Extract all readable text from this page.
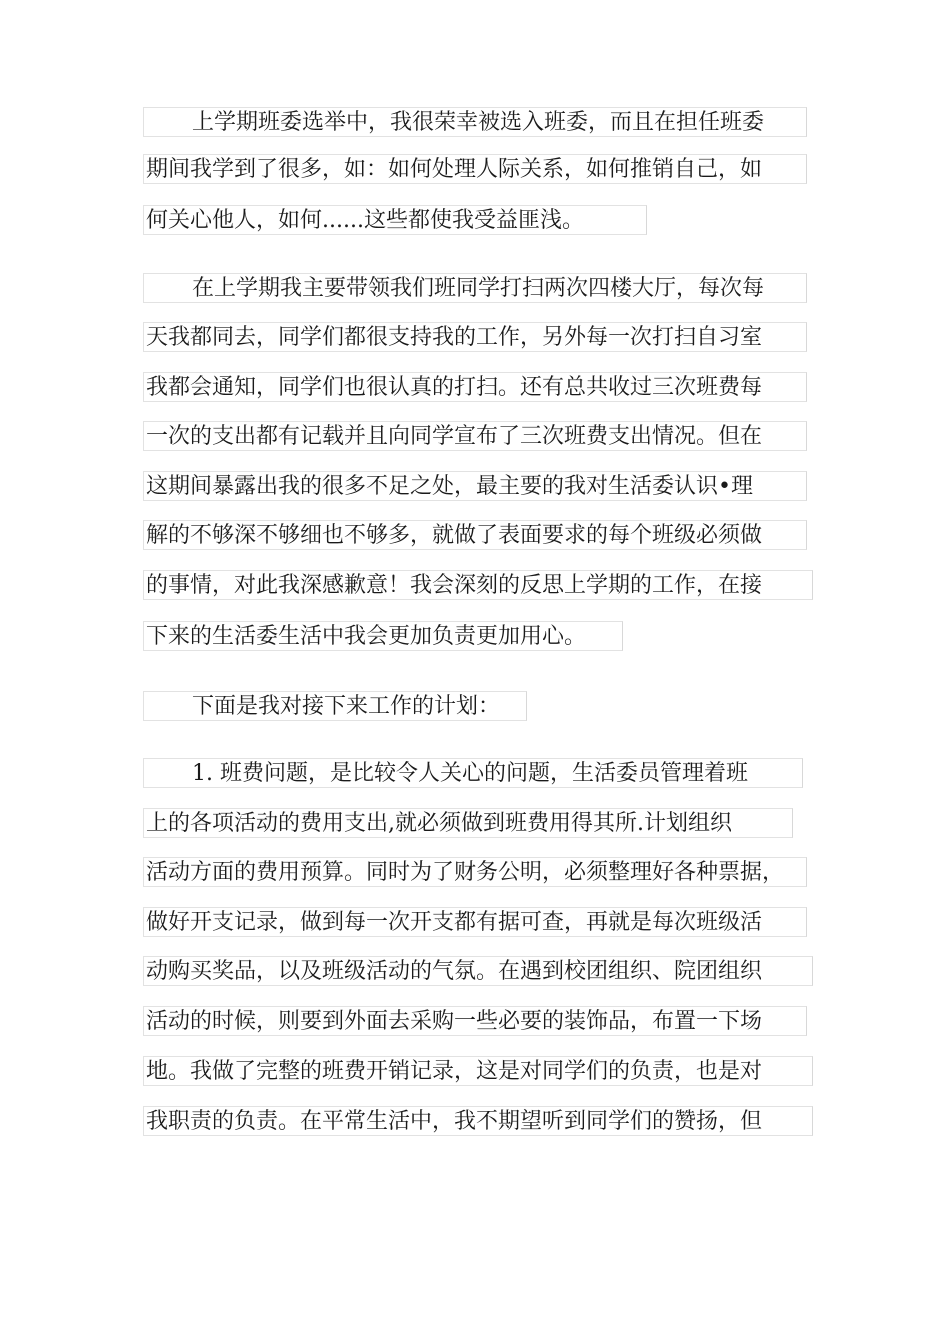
上学期班委选举中，我很荣幸被选入班委，而且在担任班委
期间我学到了很多，如：如何处理人际关系，如何推销自己，如
何关心他人，如何......这些都使我受益匪浅。
在上学期我主要带领我们班同学打扫两次四楼大厅，每次每
天我都同去，同学们都很支持我的工作，另外每一次打扫自习室
我都会通知，同学们也很认真的打扫。还有总共收过三次班费每
一次的支出都有记载并且向同学宣布了三次班费支出情况。但在
这期间暴露出我的很多不足之处，最主要的我对生活委认识•理
解的不够深不够细也不够多，就做了表面要求的每个班级必须做
的事情，对此我深感歉意！我会深刻的反思上学期的工作，在接
下来的生活委生活中我会更加负责更加用心。
下面是我对接下来工作的计划：
1. 班费问题，是比较令人关心的问题，生活委员管理着班
上的各项活动的费用支出,就必须做到班费用得其所.计划组织
活动方面的费用预算。同时为了财务公明，必须整理好各种票据，
做好开支记录，做到每一次开支都有据可查，再就是每次班级活
动购买奖品，以及班级活动的气氛。在遇到校团组织、院团组织
活动的时候，则要到外面去采购一些必要的装饰品，布置一下场
地。我做了完整的班费开销记录，这是对同学们的负责，也是对
我职责的负责。在平常生活中，我不期望听到同学们的赞扬，但
